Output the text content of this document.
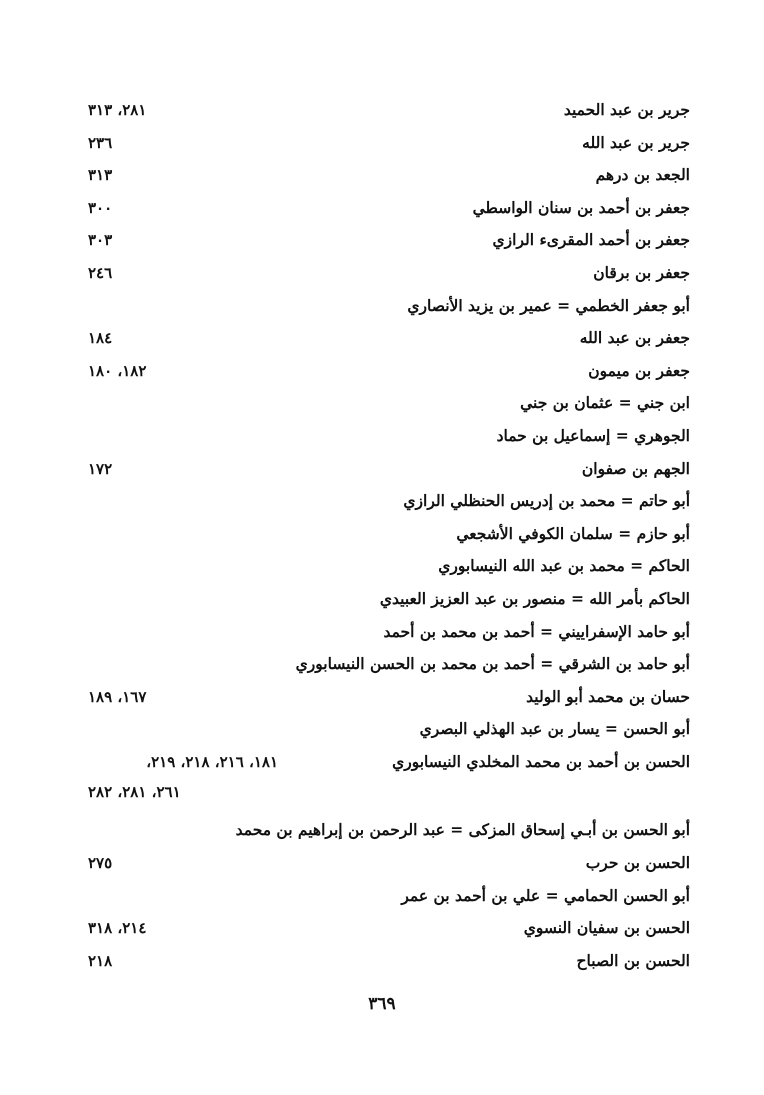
جرير بن عبد الحميد
٢٨١، ٣١٣
جرير بن عبد الله
٢٣٦
الجعد بن درهم
٣١٣
جعفر بن أحمد بن سنان الواسطي
٣٠٠
جعفر بن أحمد المقرىء الرازي
٣٠٣
جعفر بن برقان
٢٤٦
أبو جعفر الخطمي = عمير بن يزيد الأنصاري
جعفر بن عبد الله
١٨٤
جعفر بن ميمون
١٨٢، ١٨٠
ابن جني = عثمان بن جني
الجوهري = إسماعيل بن حماد
الجهم بن صفوان
١٧٢
أبو حاتم = محمد بن إدريس الحنظلي الرازي
أبو حازم = سلمان الكوفي الأشجعي
الحاكم = محمد بن عبد الله النيسابوري
الحاكم بأمر الله = منصور بن عبد العزيز العبيدي
أبو حامد الإسفراييني = أحمد بن محمد بن أحمد
أبو حامد بن الشرقي = أحمد بن محمد بن الحسن النيسابوري
حسان بن محمد أبو الوليد
١٦٧، ١٨٩
أبو الحسن = يسار بن عبد الهذلي البصري
الحسن بن أحمد بن محمد المخلدي النيسابوري
١٨١، ٢١٦، ٢١٨، ٢١٩،
٢٦١، ٢٨١، ٢٨٢
أبو الحسن بن أبـي إسحاق المزكى = عبد الرحمن بن إبراهيم بن محمد
الحسن بن حرب
٢٧٥
أبو الحسن الحمامي = علي بن أحمد بن عمر
الحسن بن سفيان النسوي
٢١٤، ٣١٨
الحسن بن الصباح
٢١٨
٣٦٩
